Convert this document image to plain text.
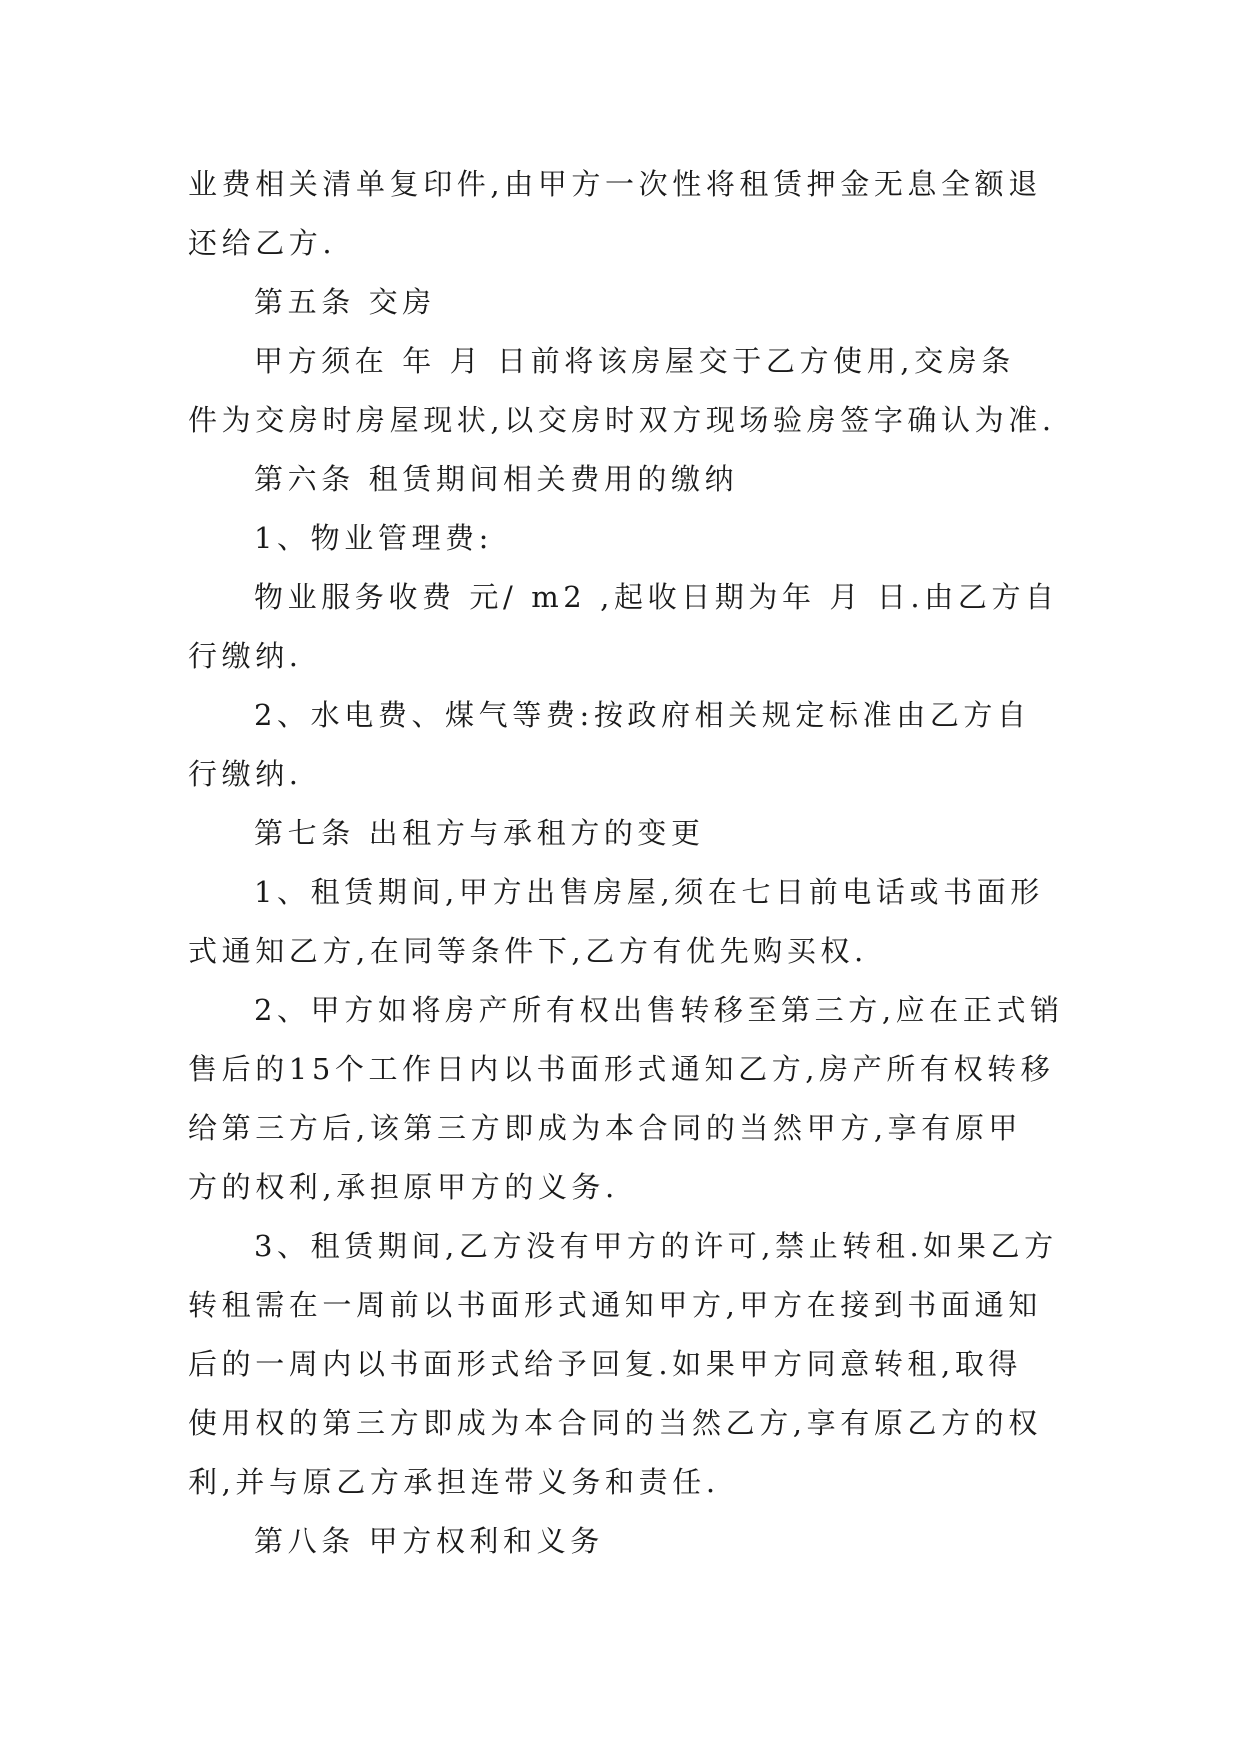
业费相关清单复印件,由甲方一次性将租赁押金无息全额退
还给乙方.
第五条 交房
甲方须在 年 月 日前将该房屋交于乙方使用,交房条
件为交房时房屋现状,以交房时双方现场验房签字确认为准.
第六条 租赁期间相关费用的缴纳
1、物业管理费:
物业服务收费 元/ m2 ,起收日期为年 月 日.由乙方自
行缴纳.
2、水电费、煤气等费:按政府相关规定标准由乙方自
行缴纳.
第七条 出租方与承租方的变更
1、租赁期间,甲方出售房屋,须在七日前电话或书面形
式通知乙方,在同等条件下,乙方有优先购买权.
2、甲方如将房产所有权出售转移至第三方,应在正式销
售后的15个工作日内以书面形式通知乙方,房产所有权转移
给第三方后,该第三方即成为本合同的当然甲方,享有原甲
方的权利,承担原甲方的义务.
3、租赁期间,乙方没有甲方的许可,禁止转租.如果乙方
转租需在一周前以书面形式通知甲方,甲方在接到书面通知
后的一周内以书面形式给予回复.如果甲方同意转租,取得
使用权的第三方即成为本合同的当然乙方,享有原乙方的权
利,并与原乙方承担连带义务和责任.
第八条 甲方权利和义务
